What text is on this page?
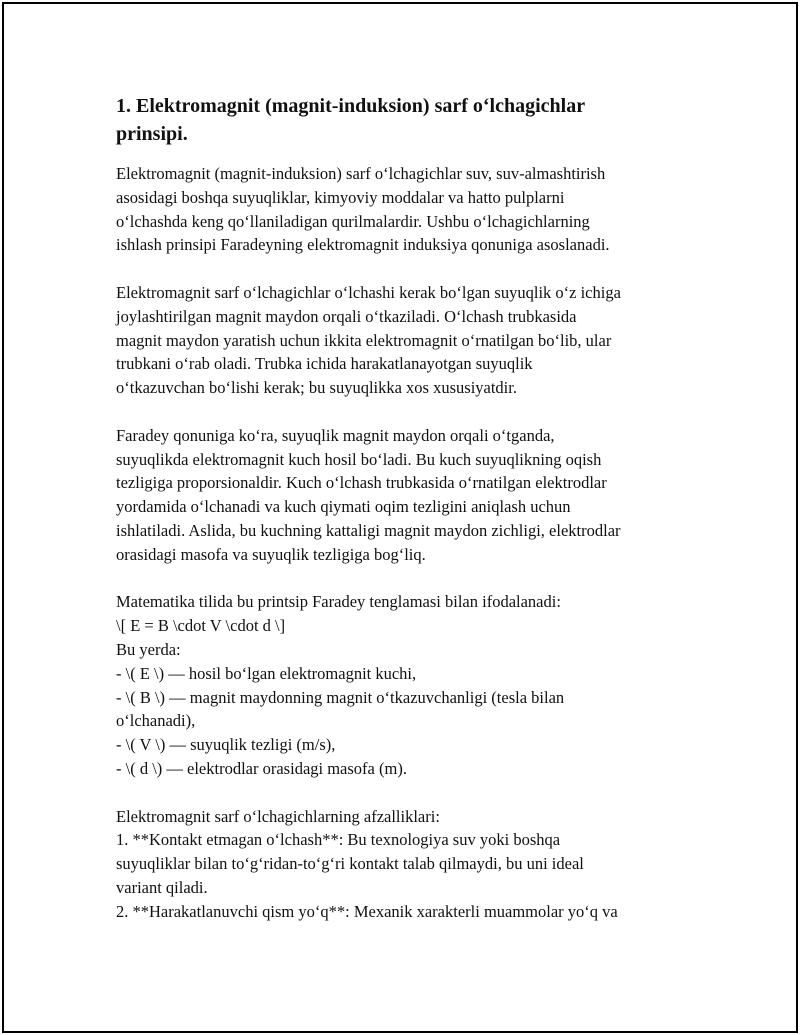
1. Elektromagnit (magnit-induksion) sarf o‘lchagichlar
prinsipi.
Elektromagnit (magnit-induksion) sarf o‘lchagichlar suv, suv-almashtirish
asosidagi boshqa suyuqliklar, kimyoviy moddalar va hatto pulplarni
o‘lchashda keng qo‘llaniladigan qurilmalardir. Ushbu o‘lchagichlarning
ishlash prinsipi Faradeyning elektromagnit induksiya qonuniga asoslanadi.
Elektromagnit sarf o‘lchagichlar o‘lchashi kerak bo‘lgan suyuqlik o‘z ichiga
joylashtirilgan magnit maydon orqali o‘tkaziladi. O‘lchash trubkasida
magnit maydon yaratish uchun ikkita elektromagnit o‘rnatilgan bo‘lib, ular
trubkani o‘rab oladi. Trubka ichida harakatlanayotgan suyuqlik
o‘tkazuvchan bo‘lishi kerak; bu suyuqlikka xos xususiyatdir.
Faradey qonuniga ko‘ra, suyuqlik magnit maydon orqali o‘tganda,
suyuqlikda elektromagnit kuch hosil bo‘ladi. Bu kuch suyuqlikning oqish
tezligiga proporsionaldir. Kuch o‘lchash trubkasida o‘rnatilgan elektrodlar
yordamida o‘lchanadi va kuch qiymati oqim tezligini aniqlash uchun
ishlatiladi. Aslida, bu kuchning kattaligi magnit maydon zichligi, elektrodlar
orasidagi masofa va suyuqlik tezligiga bog‘liq.
Matematika tilida bu printsip Faradey tenglamasi bilan ifodalanadi:
\[ E = B \cdot V \cdot d \]
Bu yerda:
- \( E \) — hosil bo‘lgan elektromagnit kuchi,
- \( B \) — magnit maydonning magnit o‘tkazuvchanligi (tesla bilan
o‘lchanadi),
- \( V \) — suyuqlik tezligi (m/s),
- \( d \) — elektrodlar orasidagi masofa (m).
Elektromagnit sarf o‘lchagichlarning afzalliklari:
1. **Kontakt etmagan o‘lchash**: Bu texnologiya suv yoki boshqa
suyuqliklar bilan to‘g‘ridan-to‘g‘ri kontakt talab qilmaydi, bu uni ideal
variant qiladi.
2. **Harakatlanuvchi qism yo‘q**: Mexanik xarakterli muammolar yo‘q va
